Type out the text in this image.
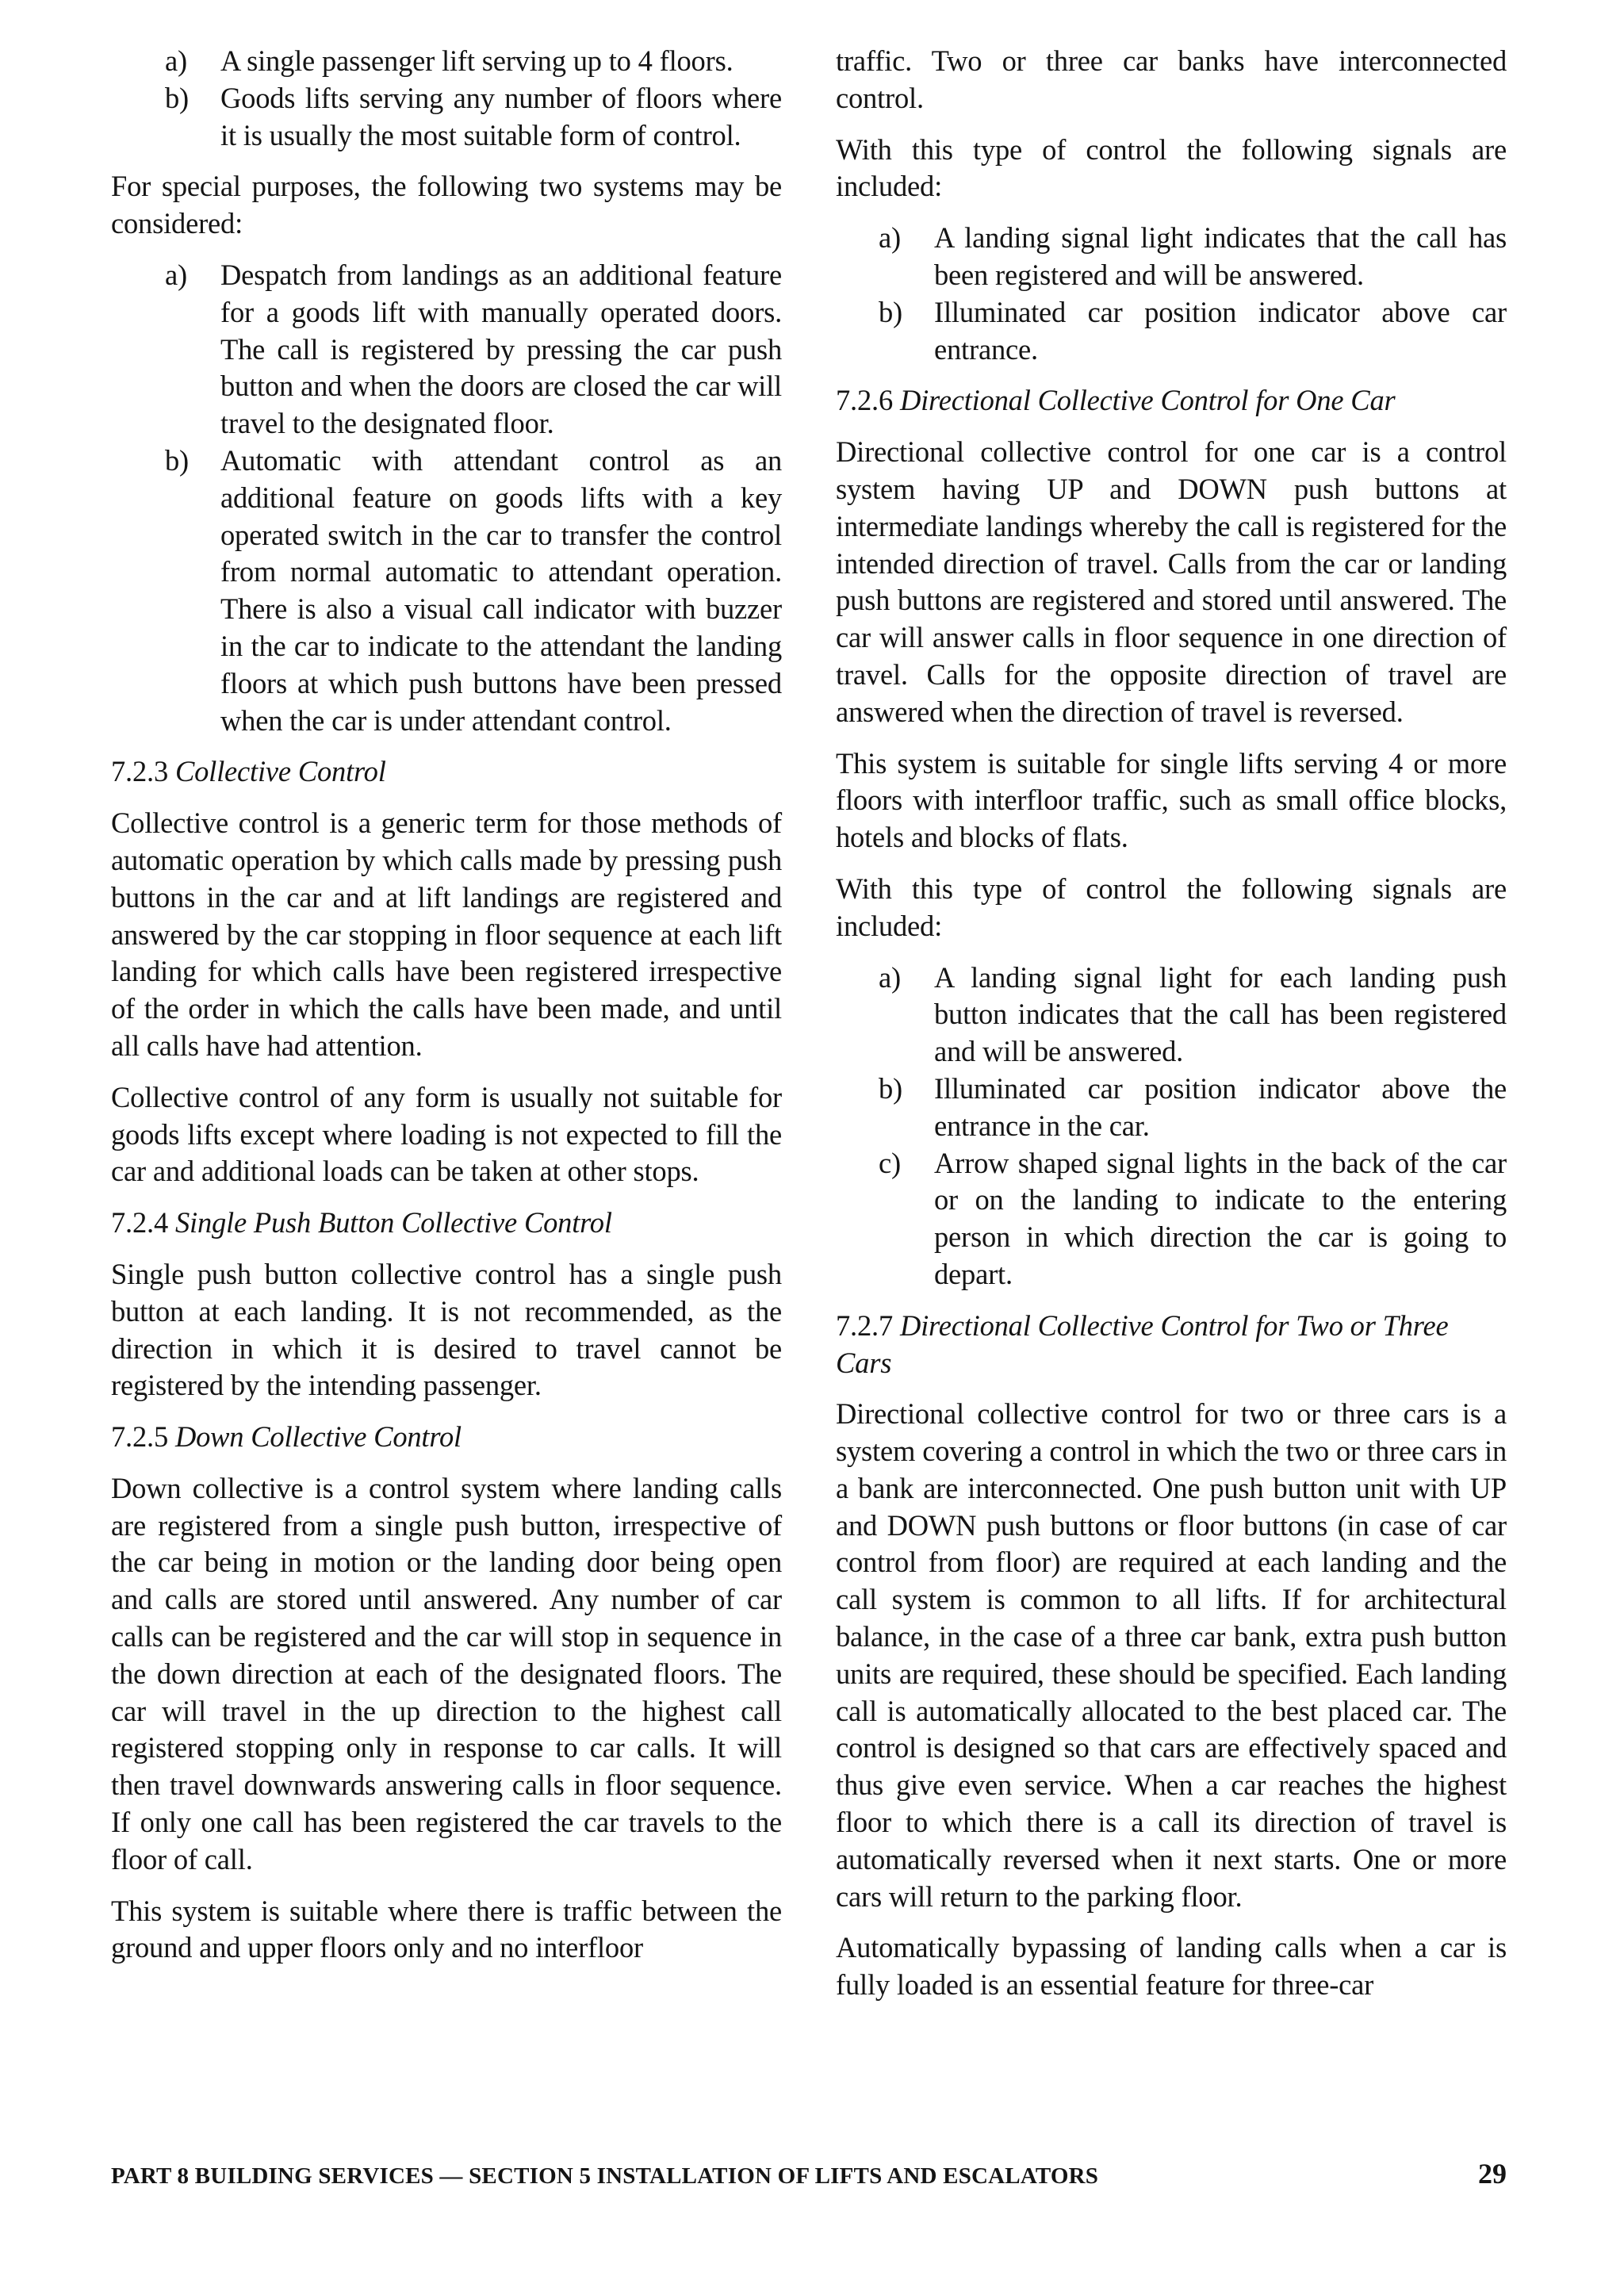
a)	A single passenger lift serving up to 4 floors.
b)	Goods lifts serving any number of floors where it is usually the most suitable form of control.

For special purposes, the following two systems may be considered:

a)	Despatch from landings as an additional feature for a goods lift with manually operated doors. The call is registered by pressing the car push button and when the doors are closed the car will travel to the designated floor.
b)	Automatic with attendant control as an additional feature on goods lifts with a key operated switch in the car to transfer the control from normal automatic to attendant operation. There is also a visual call indicator with buzzer in the car to indicate to the attendant the landing floors at which push buttons have been pressed when the car is under attendant control.
7.2.3 Collective Control

Collective control is a generic term for those methods of automatic operation by which calls made by pressing push buttons in the car and at lift landings are registered and answered by the car stopping in floor sequence at each lift landing for which calls have been registered irrespective of the order in which the calls have been made, and until all calls have had attention.

Collective control of any form is usually not suitable for goods lifts except where loading is not expected to fill the car and additional loads can be taken at other stops.

7.2.4 Single Push Button Collective Control

Single push button collective control has a single push button at each landing. It is not recommended, as the direction in which it is desired to travel cannot be registered by the intending passenger.

7.2.5 Down Collective Control

Down collective is a control system where landing calls are registered from a single push button, irrespective of the car being in motion or the landing door being open and calls are stored until answered. Any number of car calls can be registered and the car will stop in sequence in the down direction at each of the designated floors. The car will travel in the up direction to the highest call registered stopping only in response to car calls. It will then travel downwards answering calls in floor sequence. If only one call has been registered the car travels to the floor of call.

This system is suitable where there is traffic between the ground and upper floors only and no interfloor

traffic. Two or three car banks have interconnected control.

With this type of control the following signals are included:

a)	A landing signal light indicates that the call has been registered and will be answered.
b)	Illuminated car position indicator above car entrance.
7.2.6 Directional Collective Control for One Car

Directional collective control for one car is a control system having UP and DOWN push buttons at intermediate landings whereby the call is registered for the intended direction of travel. Calls from the car or landing push buttons are registered and stored until answered. The car will answer calls in floor sequence in one direction of travel. Calls for the opposite direction of travel are answered when the direction of travel is reversed.

This system is suitable for single lifts serving 4 or more floors with interfloor traffic, such as small office blocks, hotels and blocks of flats.

With this type of control the following signals are included:

a)	A landing signal light for each landing push button indicates that the call has been registered and will be answered.
b)	Illuminated car position indicator above the entrance in the car.
c)	Arrow shaped signal lights in the back of the car or on the landing to indicate to the entering person in which direction the car is going to depart.
7.2.7 Directional Collective Control for Two or Three Cars

Directional collective control for two or three cars is a system covering a control in which the two or three cars in a bank are interconnected. One push button unit with UP and DOWN push buttons or floor buttons (in case of car control from floor) are required at each landing and the call system is common to all lifts. If for architectural balance, in the case of a three car bank, extra push button units are required, these should be specified. Each landing call is automatically allocated to the best placed car. The control is designed so that cars are effectively spaced and thus give even service. When a car reaches the highest floor to which there is a call its direction of travel is automatically reversed when it next starts. One or more cars will return to the parking floor.

Automatically bypassing of landing calls when a car is fully loaded is an essential feature for three-car

PART 8 BUILDING SERVICES — SECTION 5 INSTALLATION OF LIFTS AND ESCALATORS	29
